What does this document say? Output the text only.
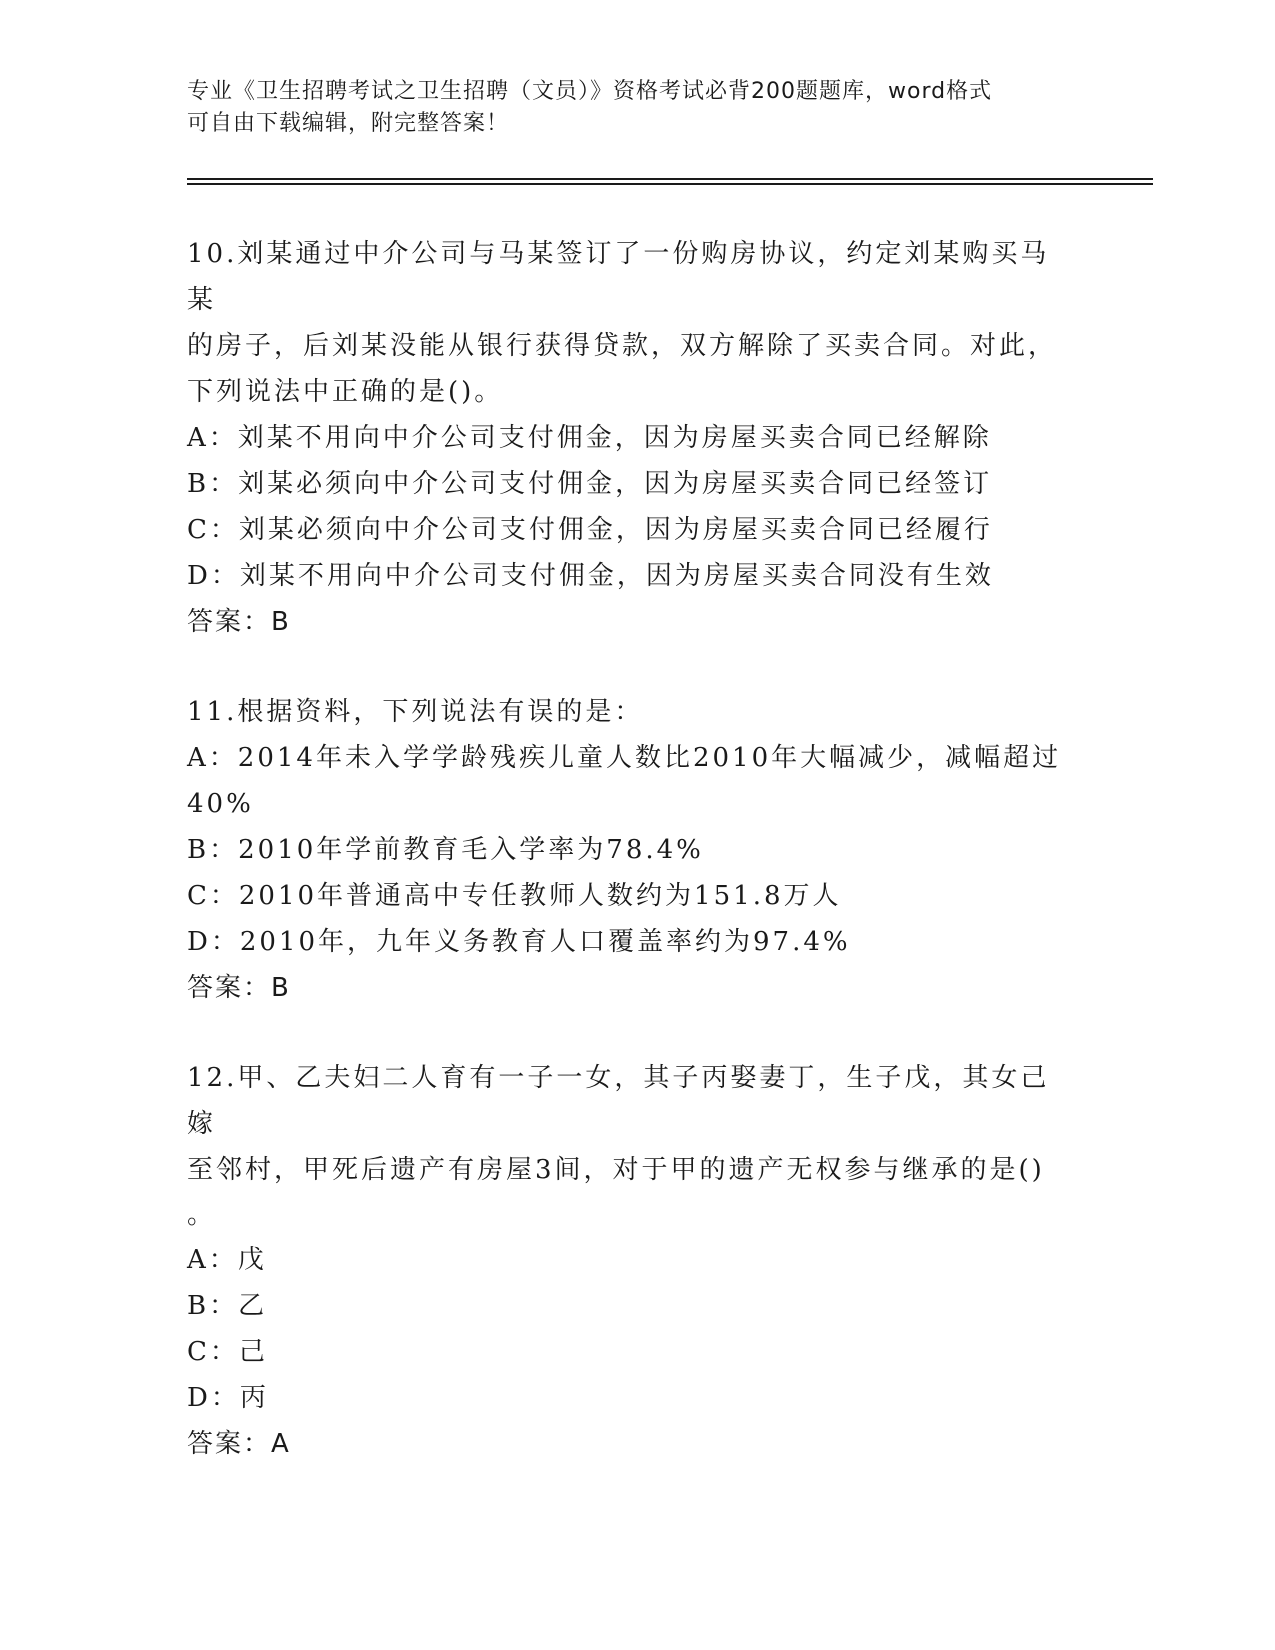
专业《卫生招聘考试之卫生招聘（文员）》资格考试必背200题题库，word格式
可自由下载编辑，附完整答案！
10.刘某通过中介公司与马某签订了一份购房协议，约定刘某购买马某
的房子，后刘某没能从银行获得贷款，双方解除了买卖合同。对此，
下列说法中正确的是()。
A：刘某不用向中介公司支付佣金，因为房屋买卖合同已经解除
B：刘某必须向中介公司支付佣金，因为房屋买卖合同已经签订
C：刘某必须向中介公司支付佣金，因为房屋买卖合同已经履行
D：刘某不用向中介公司支付佣金，因为房屋买卖合同没有生效
答案：B
11.根据资料，下列说法有误的是：
A：2014年未入学学龄残疾儿童人数比2010年大幅减少，减幅超过
40%
B：2010年学前教育毛入学率为78.4%
C：2010年普通高中专任教师人数约为151.8万人
D：2010年，九年义务教育人口覆盖率约为97.4%
答案：B
12.甲、乙夫妇二人育有一子一女，其子丙娶妻丁，生子戊，其女己嫁
至邻村，甲死后遗产有房屋3间，对于甲的遗产无权参与继承的是()
。
A：戊
B：乙
C：己
D：丙
答案：A
